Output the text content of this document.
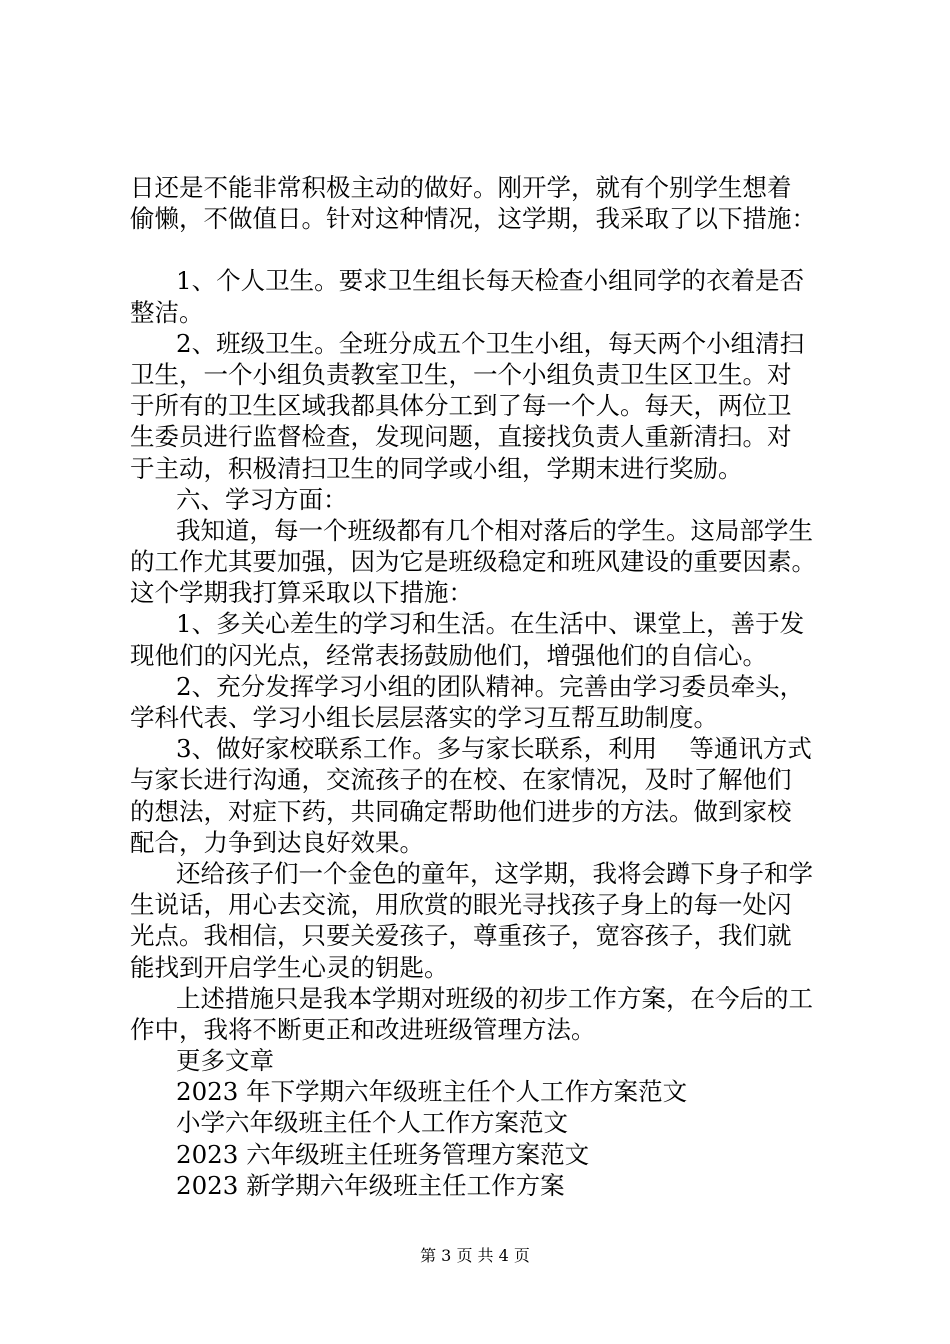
日还是不能非常积极主动的做好。刚开学，就有个别学生想着

偷懒，不做值日。针对这种情况，这学期，我采取了以下措施：

1、个人卫生。要求卫生组长每天检查小组同学的衣着是否

整洁。

2、班级卫生。全班分成五个卫生小组，每天两个小组清扫

卫生，一个小组负责教室卫生，一个小组负责卫生区卫生。对

于所有的卫生区域我都具体分工到了每一个人。每天，两位卫

生委员进行监督检查，发现问题，直接找负责人重新清扫。对

于主动，积极清扫卫生的同学或小组，学期末进行奖励。

六、学习方面：

我知道，每一个班级都有几个相对落后的学生。这局部学生

的工作尤其要加强，因为它是班级稳定和班风建设的重要因素。

这个学期我打算采取以下措施：

1、多关心差生的学习和生活。在生活中、课堂上，善于发

现他们的闪光点，经常表扬鼓励他们，增强他们的自信心。

2、充分发挥学习小组的团队精神。完善由学习委员牵头，

学科代表、学习小组长层层落实的学习互帮互助制度。

3、做好家校联系工作。多与家长联系，利用　 等通讯方式

与家长进行沟通，交流孩子的在校、在家情况，及时了解他们

的想法，对症下药，共同确定帮助他们进步的方法。做到家校

配合，力争到达良好效果。

还给孩子们一个金色的童年，这学期，我将会蹲下身子和学

生说话，用心去交流，用欣赏的眼光寻找孩子身上的每一处闪

光点。我相信，只要关爱孩子，尊重孩子，宽容孩子，我们就

能找到开启学生心灵的钥匙。

上述措施只是我本学期对班级的初步工作方案，在今后的工

作中，我将不断更正和改进班级管理方法。

更多文章

2023 年下学期六年级班主任个人工作方案范文

小学六年级班主任个人工作方案范文

2023 六年级班主任班务管理方案范文

2023 新学期六年级班主任工作方案

第 3 页 共 4 页
